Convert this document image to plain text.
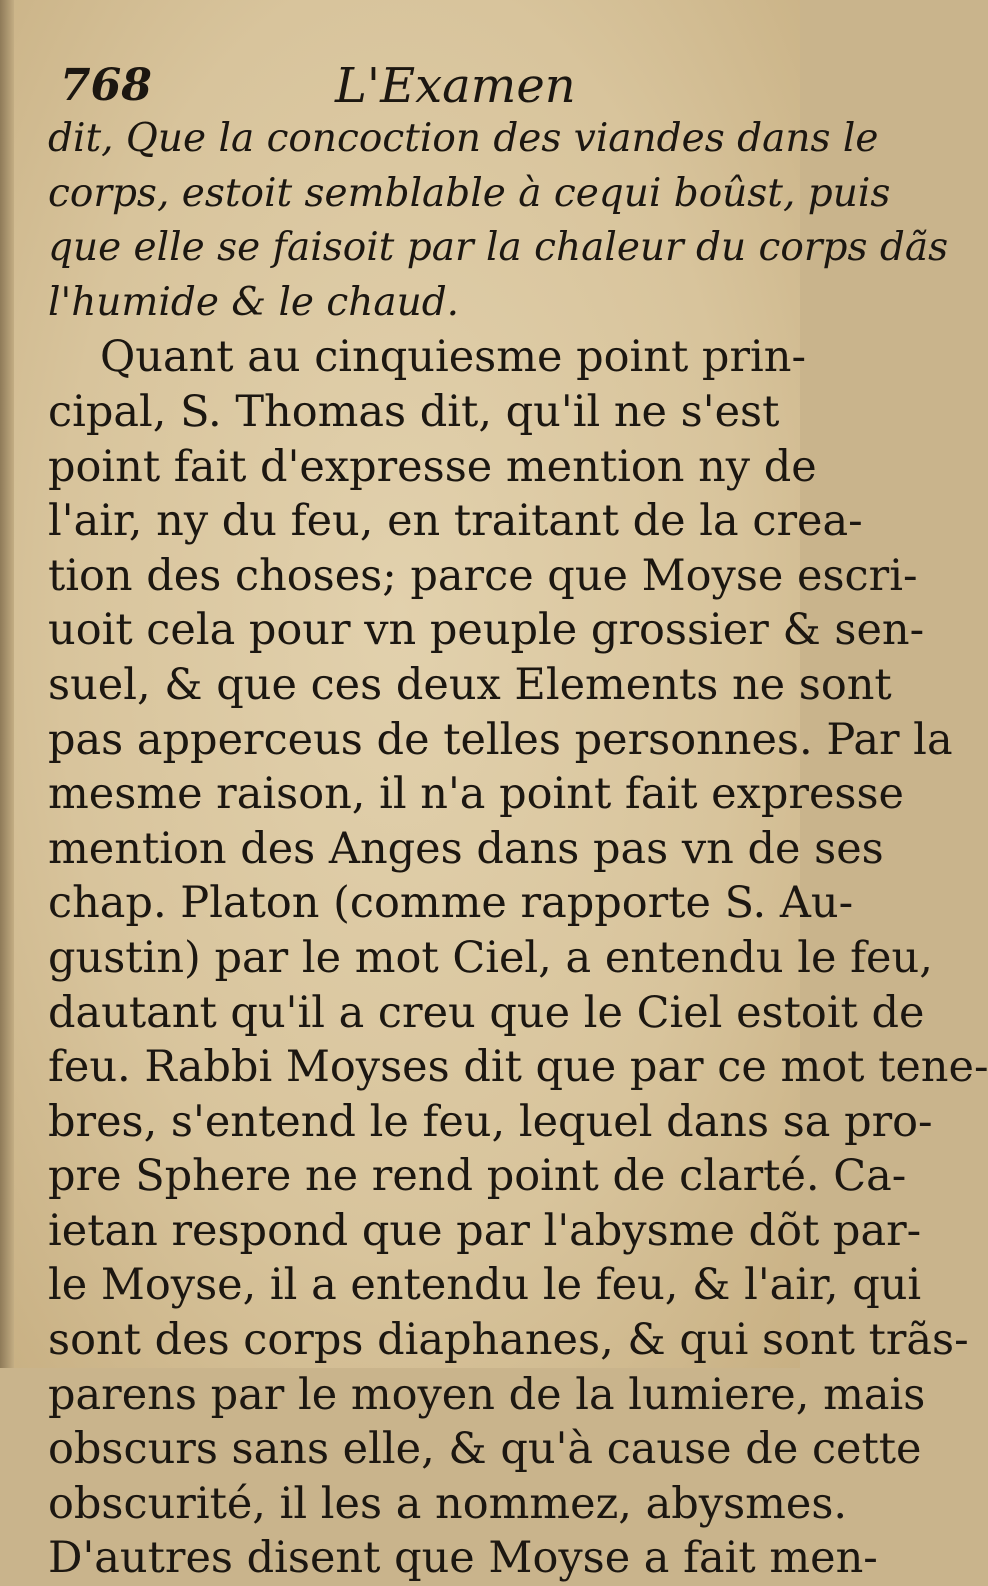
768	L'Examen
dit, Que la concoction des viandes dans le
corps, estoit semblable à cequi boûst, puis
que elle se faisoit par la chaleur du corps dãs
l'humide & le chaud.
Quant au cinquiesme point prin-
cipal, S. Thomas dit, qu'il ne s'est
point fait d'expresse mention ny de
l'air, ny du feu, en traitant de la crea-
tion des choses; parce que Moyse escri-
uoit cela pour vn peuple grossier & sen-
suel, & que ces deux Elements ne sont
pas apperceus de telles personnes. Par la
mesme raison, il n'a point fait expresse
mention des Anges dans pas vn de ses
chap. Platon (comme rapporte S. Au-
gustin) par le mot Ciel, a entendu le feu,
dautant qu'il a creu que le Ciel estoit de
feu. Rabbi Moyses dit que par ce mot tene-
bres, s'entend le feu, lequel dans sa pro-
pre Sphere ne rend point de clarté. Ca-
ietan respond que par l'abysme dõt par-
le Moyse, il a entendu le feu, & l'air, qui
sont des corps diaphanes, & qui sont trãs-
parens par le moyen de la lumiere, mais
obscurs sans elle, & qu'à cause de cette
obscurité, il les a nommez, abysmes.
D'autres disent que Moyse a fait men-
